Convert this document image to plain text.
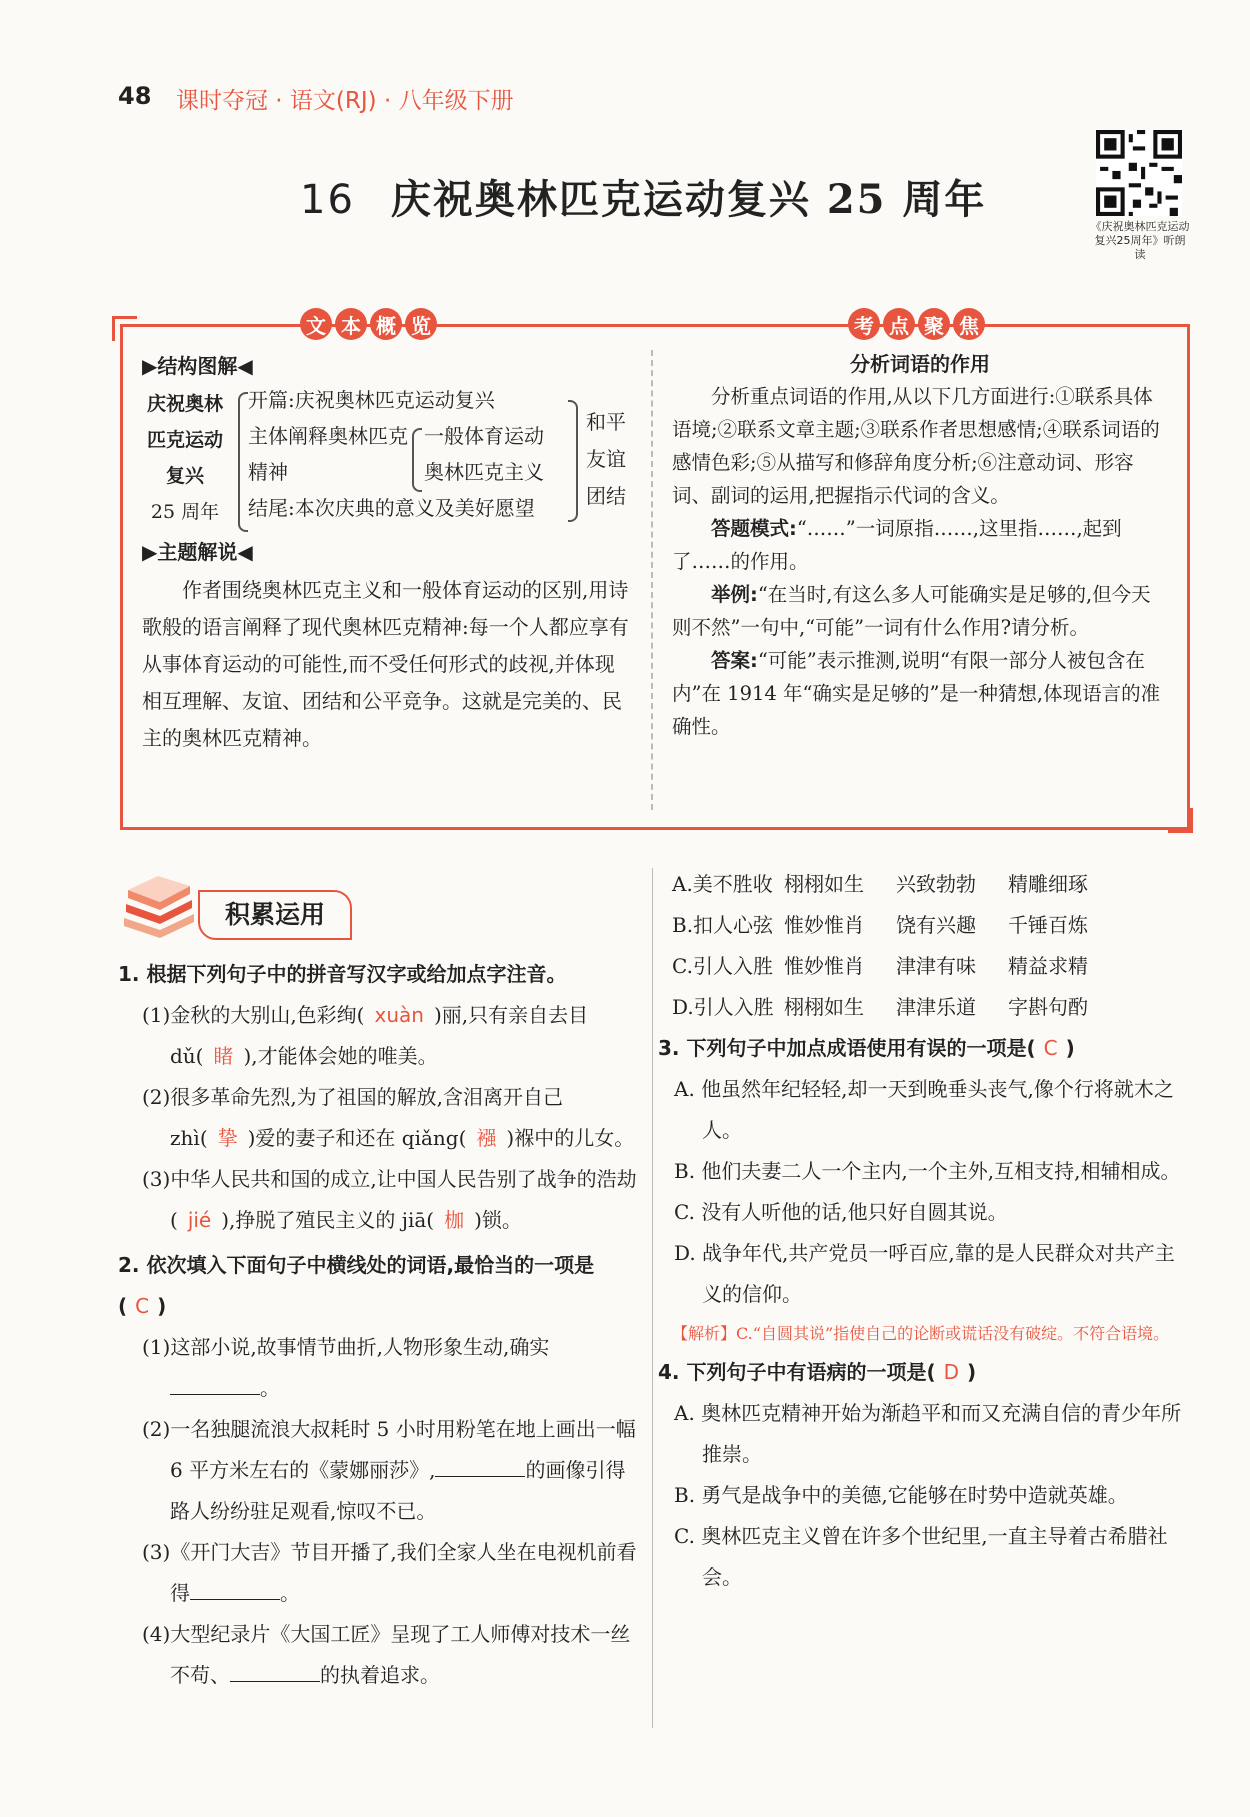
48 课时夺冠 · 语文(RJ) · 八年级下册
16 庆祝奥林匹克运动复兴 25 周年
《庆祝奥林匹克运动复兴25周年》听朗读
文 本 概 览	考 点 聚 焦
▶结构图解◀
庆祝奥林
匹克运动
复兴
25 周年
开篇:庆祝奥林匹克运动复兴
主体阐释奥林匹克
精神
结尾:本次庆典的意义及美好愿望
一般体育运动
奥林匹克主义
和平
友谊
团结
▶主题解说◀
作者围绕奥林匹克主义和一般体育运动的区别,用诗歌般的语言阐释了现代奥林匹克精神:每一个人都应享有从事体育运动的可能性,而不受任何形式的歧视,并体现相互理解、友谊、团结和公平竞争。这就是完美的、民主的奥林匹克精神。
分析词语的作用

分析重点词语的作用,从以下几方面进行:①联系具体语境;②联系文章主题;③联系作者思想感情;④联系词语的感情色彩;⑤从描写和修辞角度分析;⑥注意动词、形容词、副词的运用,把握指示代词的含义。

答题模式:“……”一词原指……,这里指……,起到了……的作用。

举例:“在当时,有这么多人可能确实是足够的,但今天则不然”一句中,“可能”一词有什么作用?请分析。

答案:“可能”表示推测,说明“有限一部分人被包含在内”在 1914 年“确实是足够的”是一种猜想,体现语言的准确性。

积累运用
1. 根据下列句子中的拼音写汉字或给加点字注音。
(1)金秋的大别山,色彩绚( xuàn )丽,只有亲自去目 dǔ( 睹 ),才能体会她的唯美。
(2)很多革命先烈,为了祖国的解放,含泪离开自己 zhì( 挚 )爱的妻子和还在 qiǎng( 襁 )褓中的儿女。
(3)中华人民共和国的成立,让中国人民告别了战争的浩劫( jié ),挣脱了殖民主义的 jiā( 枷 )锁。
2. 依次填入下面句子中横线处的词语,最恰当的一项是( C )
(1)这部小说,故事情节曲折,人物形象生动,确实。
(2)一名独腿流浪大叔耗时 5 小时用粉笔在地上画出一幅 6 平方米左右的《蒙娜丽莎》,	的画像引得路人纷纷驻足观看,惊叹不已。
(3)《开门大吉》节目开播了,我们全家人坐在电视机前看得	。
(4)大型纪录片《大国工匠》呈现了工人师傅对技术一丝不苟、	的执着追求。
A.美不胜收 栩栩如生	兴致勃勃	精雕细琢
B.扣人心弦 惟妙惟肖	饶有兴趣	千锤百炼
C.引人入胜 惟妙惟肖	津津有味	精益求精
D.引人入胜 栩栩如生	津津乐道	字斟句酌
3. 下列句子中加点成语使用有误的一项是( C )
A. 他虽然年纪轻轻,却一天到晚垂头丧气,像个行将就木之人。
B. 他们夫妻二人一个主内,一个主外,互相支持,相辅相成。
C. 没有人听他的话,他只好自圆其说。
D. 战争年代,共产党员一呼百应,靠的是人民群众对共产主义的信仰。
【解析】C.“自圆其说”指使自己的论断或谎话没有破绽。不符合语境。
4. 下列句子中有语病的一项是( D )
A. 奥林匹克精神开始为渐趋平和而又充满自信的青少年所推崇。
B. 勇气是战争中的美德,它能够在时势中造就英雄。
C. 奥林匹克主义曾在许多个世纪里,一直主导着古希腊社会。
